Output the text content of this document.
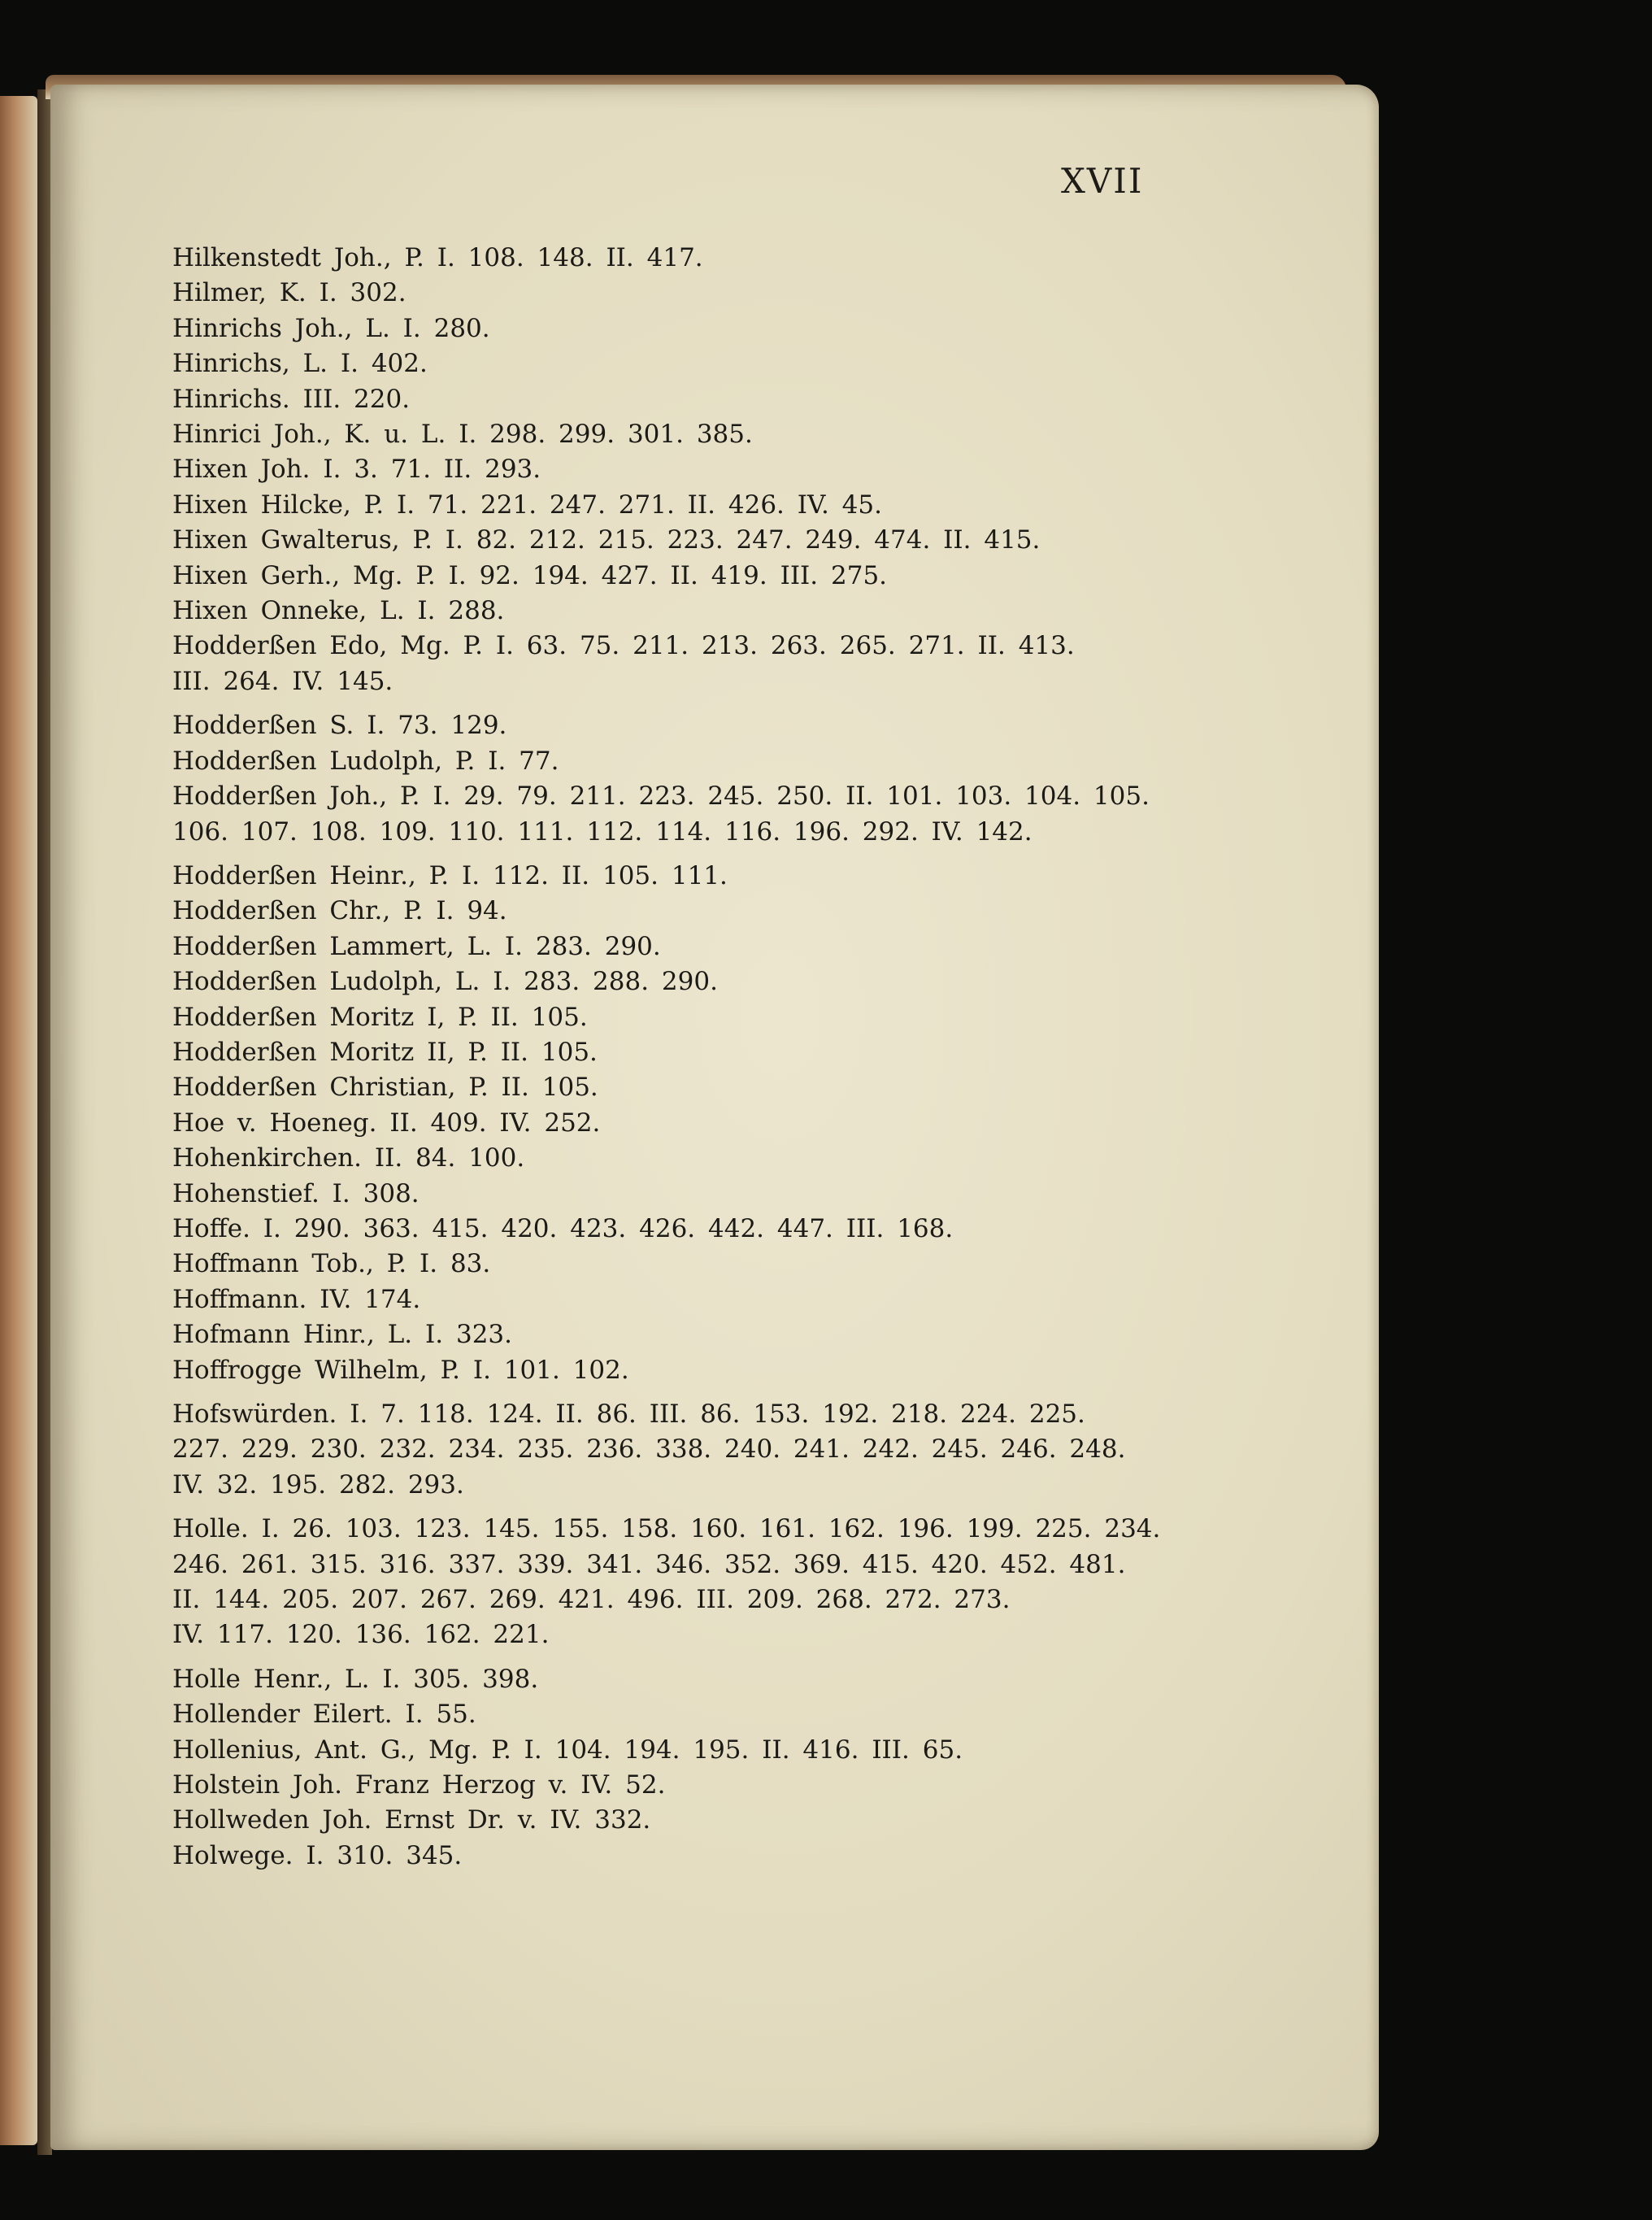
XVII
Hilkenstedt Joh., P. I. 108. 148. II. 417.
Hilmer, K. I. 302.
Hinrichs Joh., L. I. 280.
Hinrichs, L. I. 402.
Hinrichs. III. 220.
Hinrici Joh., K. u. L. I. 298. 299. 301. 385.
Hixen Joh. I. 3. 71. II. 293.
Hixen Hilcke, P. I. 71. 221. 247. 271. II. 426. IV. 45.
Hixen Gwalterus, P. I. 82. 212. 215. 223. 247. 249. 474. II. 415.
Hixen Gerh., Mg. P. I. 92. 194. 427. II. 419. III. 275.
Hixen Onneke, L. I. 288.
Hodderßen Edo, Mg. P. I. 63. 75. 211. 213. 263. 265. 271. II. 413.
III. 264. IV. 145.
Hodderßen S. I. 73. 129.
Hodderßen Ludolph, P. I. 77.
Hodderßen Joh., P. I. 29. 79. 211. 223. 245. 250. II. 101. 103. 104. 105.
106. 107. 108. 109. 110. 111. 112. 114. 116. 196. 292. IV. 142.
Hodderßen Heinr., P. I. 112. II. 105. 111.
Hodderßen Chr., P. I. 94.
Hodderßen Lammert, L. I. 283. 290.
Hodderßen Ludolph, L. I. 283. 288. 290.
Hodderßen Moritz I, P. II. 105.
Hodderßen Moritz II, P. II. 105.
Hodderßen Christian, P. II. 105.
Hoe v. Hoeneg. II. 409. IV. 252.
Hohenkirchen. II. 84. 100.
Hohenstief. I. 308.
Hoffe. I. 290. 363. 415. 420. 423. 426. 442. 447. III. 168.
Hoffmann Tob., P. I. 83.
Hoffmann. IV. 174.
Hofmann Hinr., L. I. 323.
Hoffrogge Wilhelm, P. I. 101. 102.
Hofswürden. I. 7. 118. 124. II. 86. III. 86. 153. 192. 218. 224. 225.
227. 229. 230. 232. 234. 235. 236. 338. 240. 241. 242. 245. 246. 248.
IV. 32. 195. 282. 293.
Holle. I. 26. 103. 123. 145. 155. 158. 160. 161. 162. 196. 199. 225. 234.
246. 261. 315. 316. 337. 339. 341. 346. 352. 369. 415. 420. 452. 481.
II. 144. 205. 207. 267. 269. 421. 496. III. 209. 268. 272. 273.
IV. 117. 120. 136. 162. 221.
Holle Henr., L. I. 305. 398.
Hollender Eilert. I. 55.
Hollenius, Ant. G., Mg. P. I. 104. 194. 195. II. 416. III. 65.
Holstein Joh. Franz Herzog v. IV. 52.
Hollweden Joh. Ernst Dr. v. IV. 332.
Holwege. I. 310. 345.
